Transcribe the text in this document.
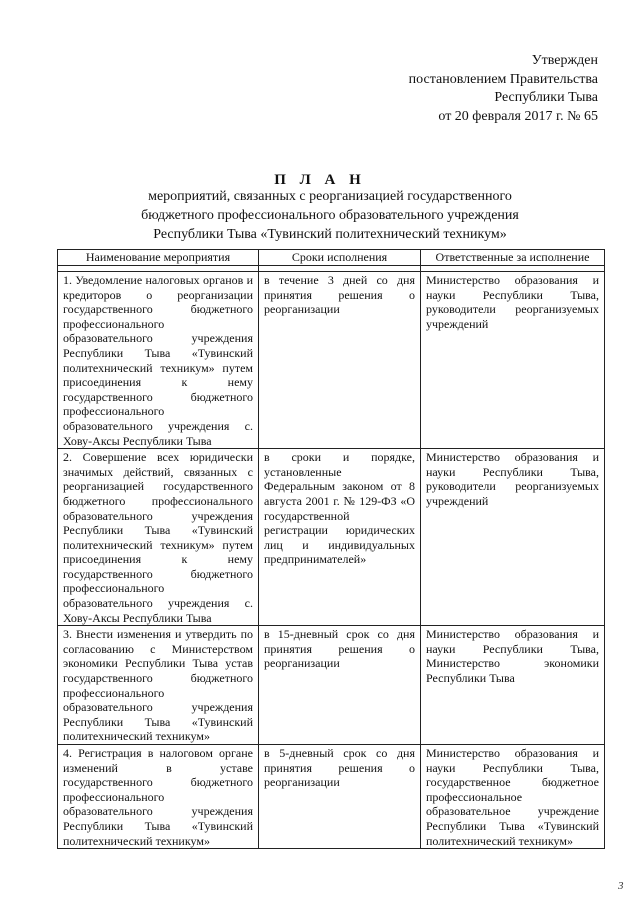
Утвержден
постановлением Правительства
Республики Тыва
от 20 февраля 2017 г. № 65
П Л А Н
мероприятий, связанных с реорганизацией государственного
бюджетного профессионального образовательного учреждения
Республики Тыва «Тувинский политехнический техникум»
Наименование мероприятия	Сроки исполнения	Ответственные за исполнение

1. Уведомление налоговых органов и кредиторов о реорганизации государственного бюджетного профессионального образовательного учреждения Республики Тыва «Тувинский политехнический техникум» путем присоединения к нему государственного бюджетного профессионального образовательного учреждения с. Хову-Аксы Республики Тыва	в течение 3 дней со дня принятия решения о реорганизации	Министерство образования и науки Республики Тыва, руководители реорганизуемых учреждений
2. Совершение всех юридически значимых действий, связанных с реорганизацией государственного бюджетного профессионального образовательного учреждения Республики Тыва «Тувинский политехнический техникум» путем присоединения к нему государственного бюджетного профессионального образовательного учреждения с. Хову-Аксы Республики Тыва	в сроки и порядке, установленные Федеральным законом от 8 августа 2001 г. № 129-ФЗ «О государственной регистрации юридических лиц и индивидуальных предпринимателей»	Министерство образования и науки Республики Тыва, руководители реорганизуемых учреждений
3. Внести изменения и утвердить по согласованию с Министерством экономики Республики Тыва устав государственного бюджетного профессионального образовательного учреждения Республики Тыва «Тувинский политехнический техникум»	в 15-дневный срок со дня принятия решения о реорганизации	Министерство образования и науки Республики Тыва, Министерство экономики Республики Тыва
4. Регистрация в налоговом органе изменений в уставе государственного бюджетного профессионального образовательного учреждения Республики Тыва «Тувинский политехнический техникум»	в 5-дневный срок со дня принятия решения о реорганизации	Министерство образования и науки Республики Тыва, государственное бюджетное профессиональное образовательное учреждение Республики Тыва «Тувинский политехнический техникум»
3
